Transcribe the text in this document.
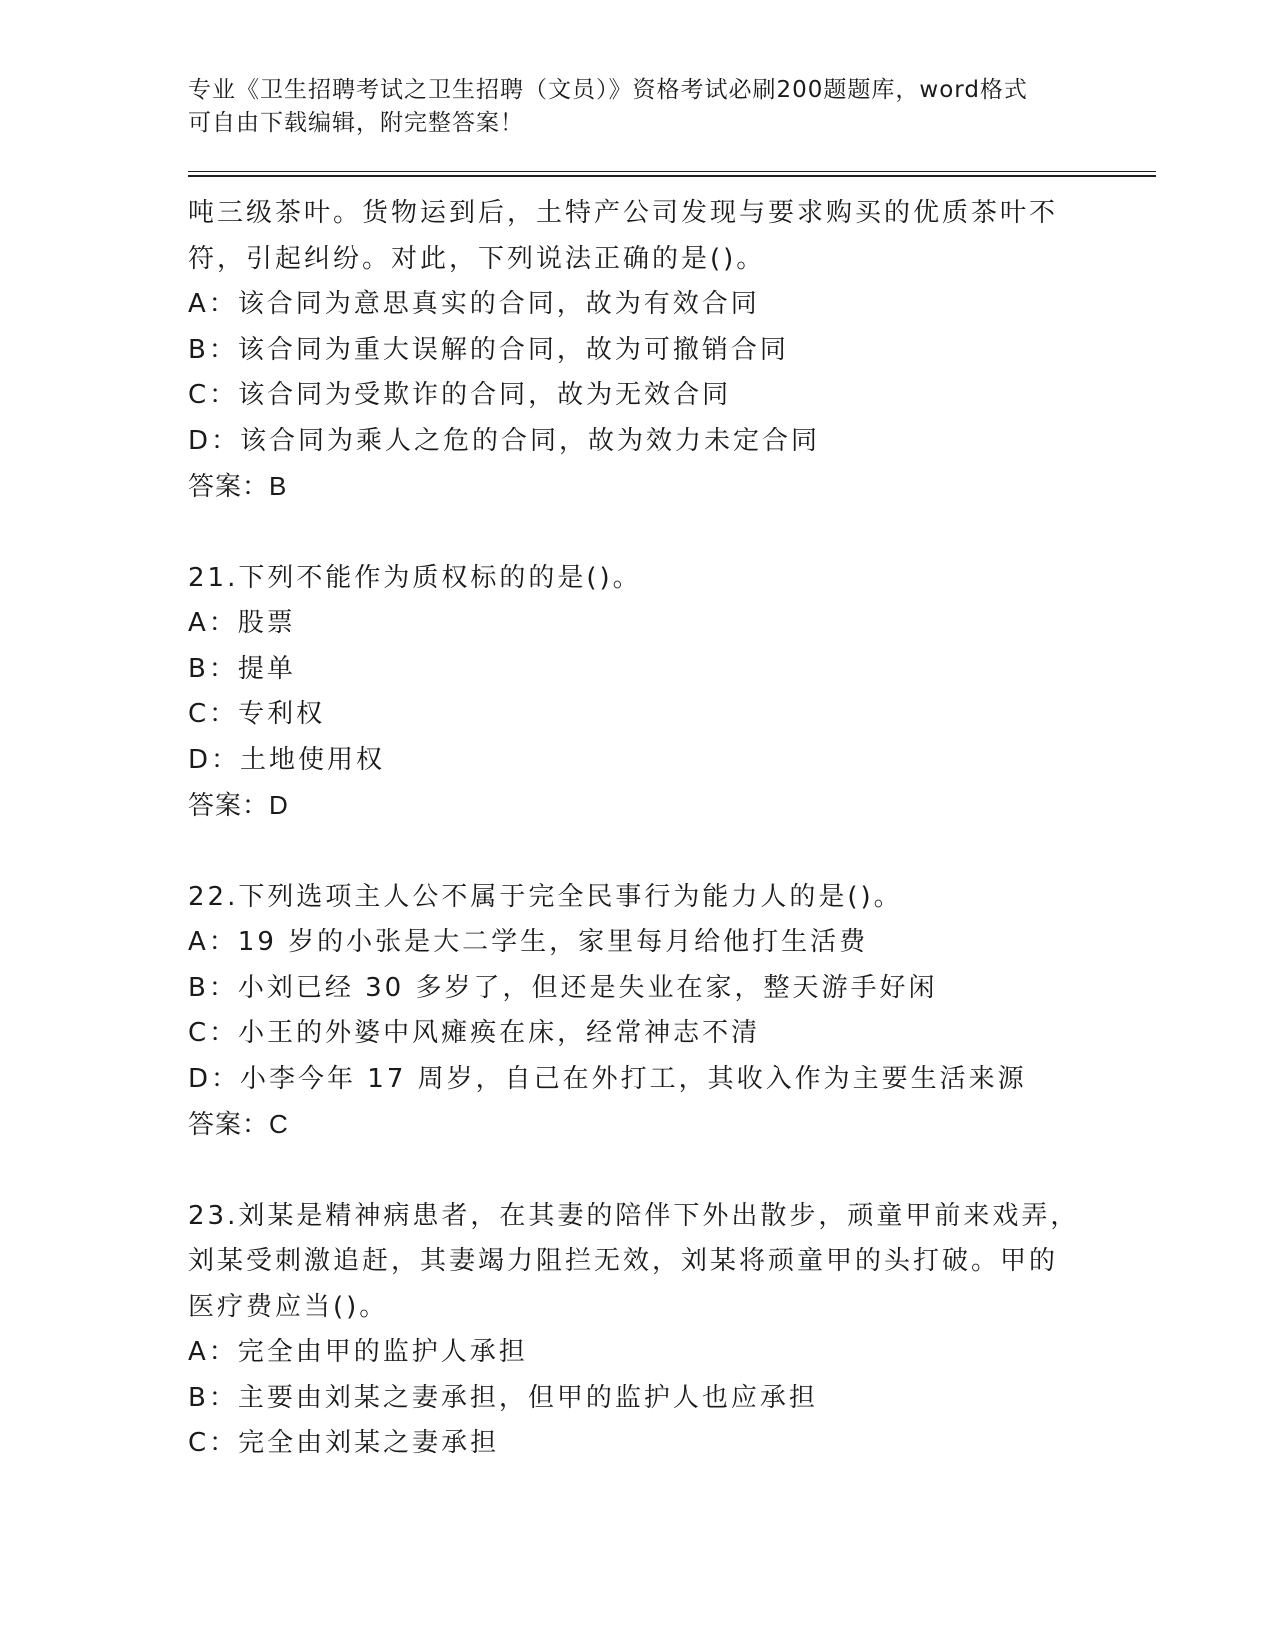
专业《卫生招聘考试之卫生招聘（文员）》资格考试必刷200题题库，word格式

可自由下载编辑，附完整答案！

吨三级茶叶。货物运到后，土特产公司发现与要求购买的优质茶叶不
符，引起纠纷。对此，下列说法正确的是()。
A：该合同为意思真实的合同，故为有效合同
B：该合同为重大误解的合同，故为可撤销合同
C：该合同为受欺诈的合同，故为无效合同
D：该合同为乘人之危的合同，故为效力未定合同
答案：B
21.下列不能作为质权标的的是()。
A：股票
B：提单
C：专利权
D：土地使用权
答案：D
22.下列选项主人公不属于完全民事行为能力人的是()。
A：19 岁的小张是大二学生，家里每月给他打生活费
B：小刘已经 30 多岁了，但还是失业在家，整天游手好闲
C：小王的外婆中风瘫痪在床，经常神志不清
D：小李今年 17 周岁，自己在外打工，其收入作为主要生活来源
答案：C
23.刘某是精神病患者，在其妻的陪伴下外出散步，顽童甲前来戏弄，
刘某受刺激追赶，其妻竭力阻拦无效，刘某将顽童甲的头打破。甲的
医疗费应当()。
A：完全由甲的监护人承担
B：主要由刘某之妻承担，但甲的监护人也应承担
C：完全由刘某之妻承担
